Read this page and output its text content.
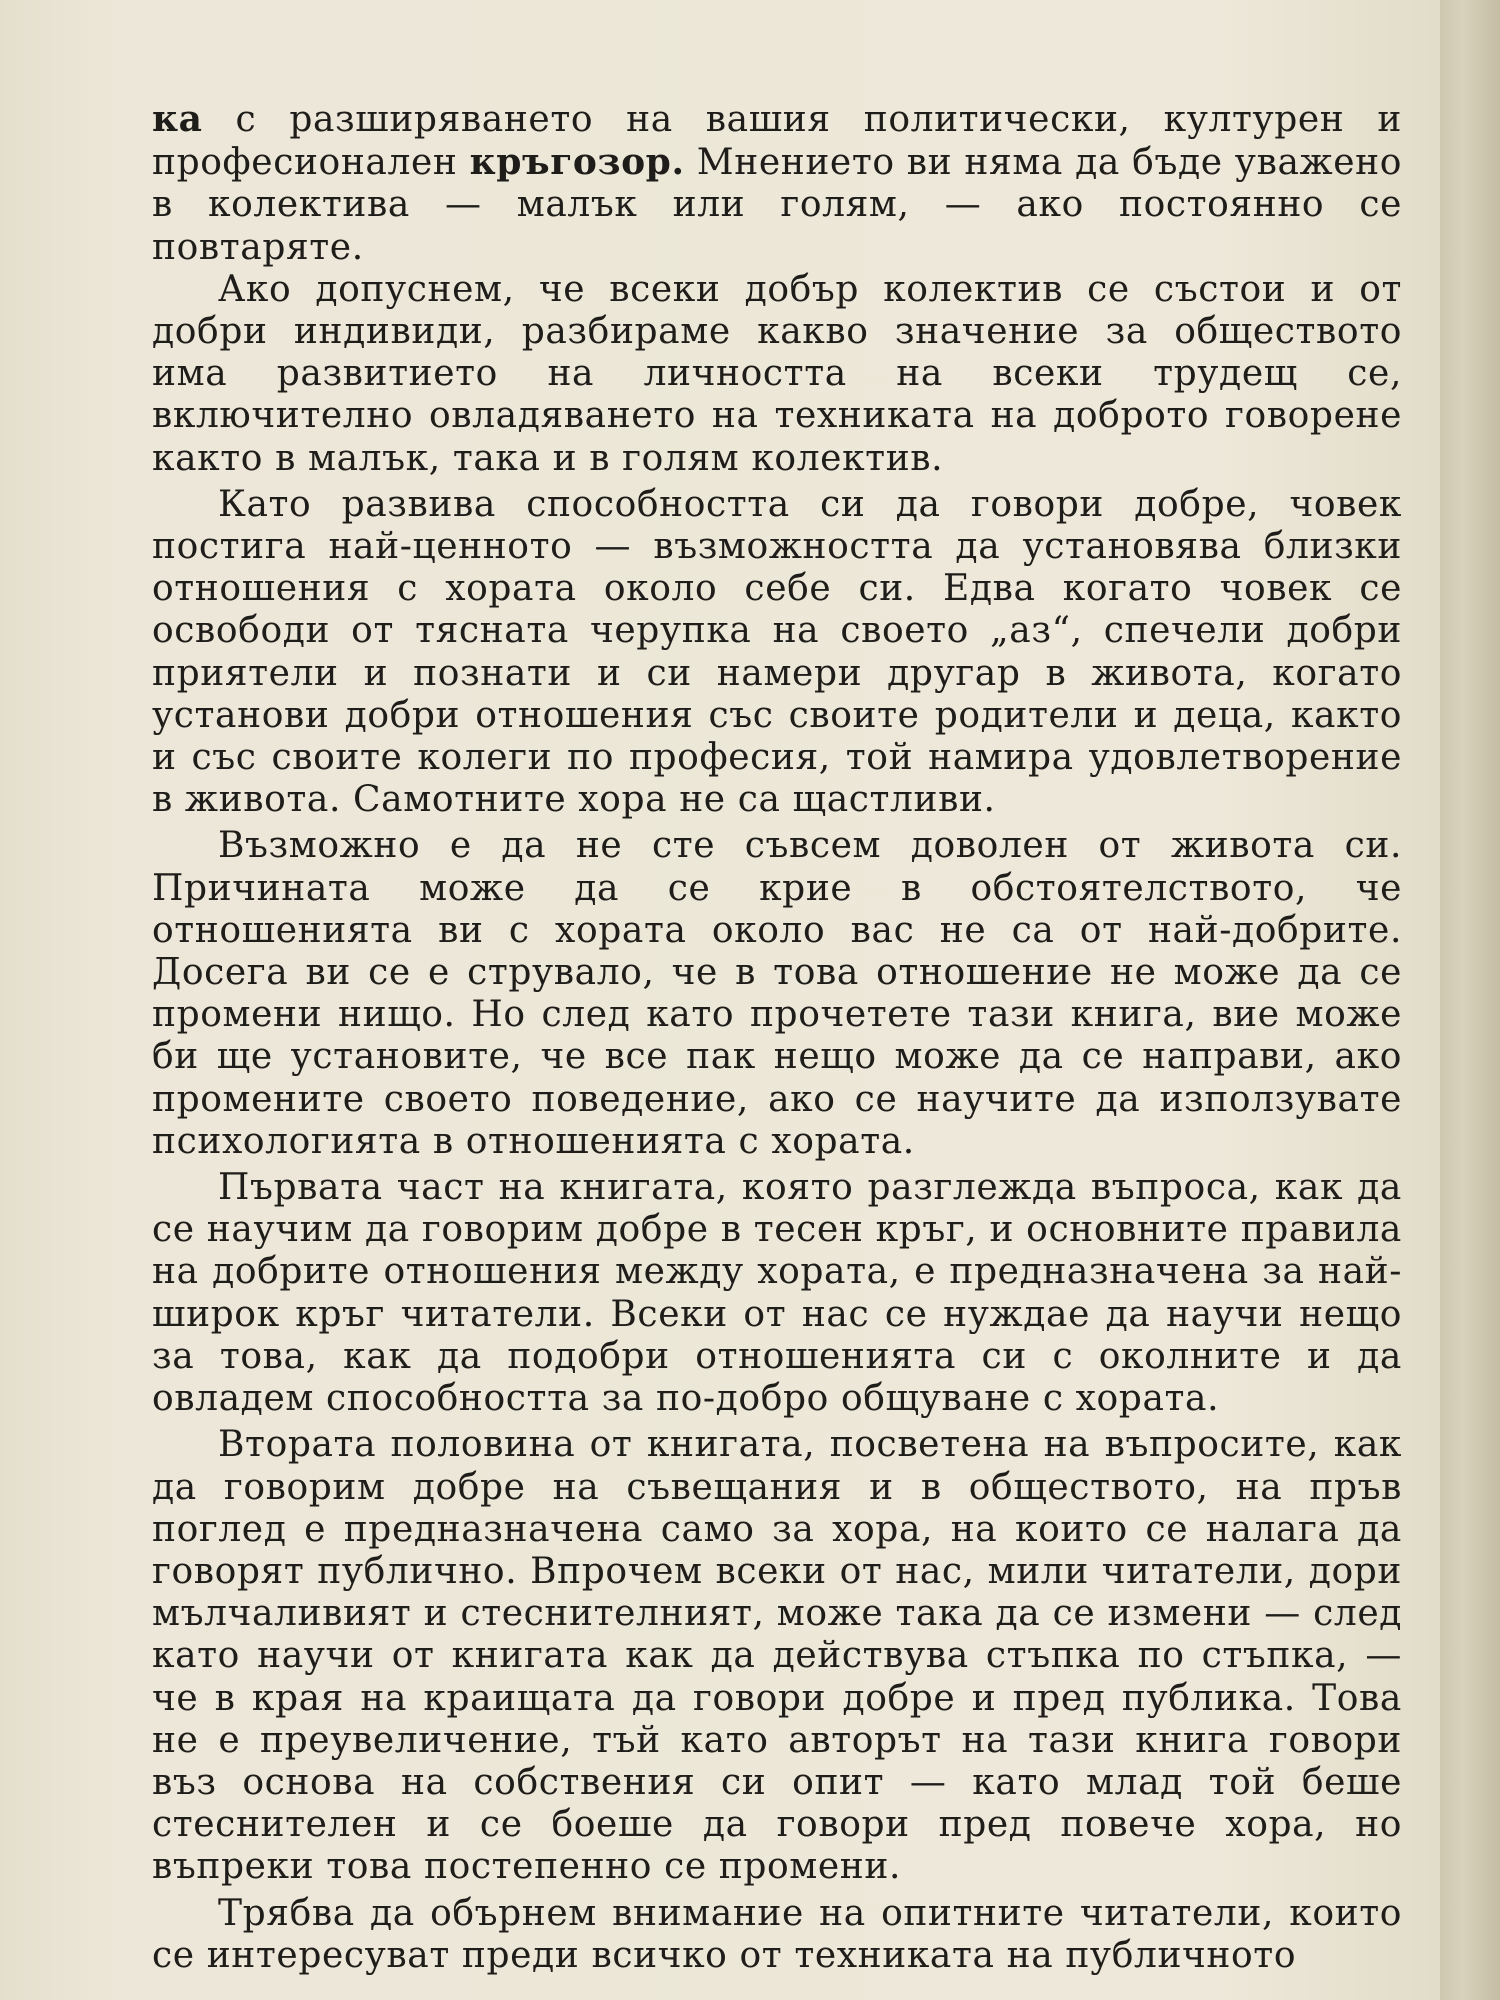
ка с разширяването на вашия политически, културен и професионален кръгозор. Мнението ви няма да бъде уважено в колектива — малък или голям, — ако постоянно се повтаряте.

Ако допуснем, че всеки добър колектив се състои и от добри индивиди, разбираме какво значение за обществото има развитието на личността на всеки трудещ се, включително овладяването на техниката на доброто говорене както в малък, така и в голям колектив.

Като развива способността си да говори добре, човек постига най-ценното — възможността да установява близки отношения с хората около себе си. Едва когато човек се освободи от тясната черупка на своето „аз“, спечели добри приятели и познати и си намери другар в живота, когато установи добри отношения със своите родители и деца, както и със своите колеги по професия, той намира удовлетворение в живота. Самотните хора не са щастливи.

Възможно е да не сте съвсем доволен от живота си. Причината може да се крие в обстоятелството, че отношенията ви с хората около вас не са от най-добрите. Досега ви се е струвало, че в това отношение не може да се промени нищо. Но след като прочетете тази книга, вие може би ще установите, че все пак нещо може да се направи, ако промените своето поведение, ако се научите да използувате психологията в отношенията с хората.

Първата част на книгата, която разглежда въпроса, как да се научим да говорим добре в тесен кръг, и основните правила на добрите отношения между хората, е предназначена за най-широк кръг читатели. Всеки от нас се нуждае да научи нещо за това, как да подобри отношенията си с околните и да овладем способността за по-добро общуване с хората.

Втората половина от книгата, посветена на въпросите, как да говорим добре на съвещания и в обществото, на пръв поглед е предназначена само за хора, на които се налага да говорят публично. Впрочем всеки от нас, мили читатели, дори мълчаливият и стеснителният, може така да се измени — след като научи от книгата как да действува стъпка по стъпка, — че в края на краищата да говори добре и пред публика. Това не е преувеличение, тъй като авторът на тази книга говори въз основа на собствения си опит — като млад той беше стеснителен и се боеше да говори пред повече хора, но въпреки това постепенно се промени.

Трябва да обърнем внимание на опитните читатели, които се интересуват преди всичко от техниката на публичното
